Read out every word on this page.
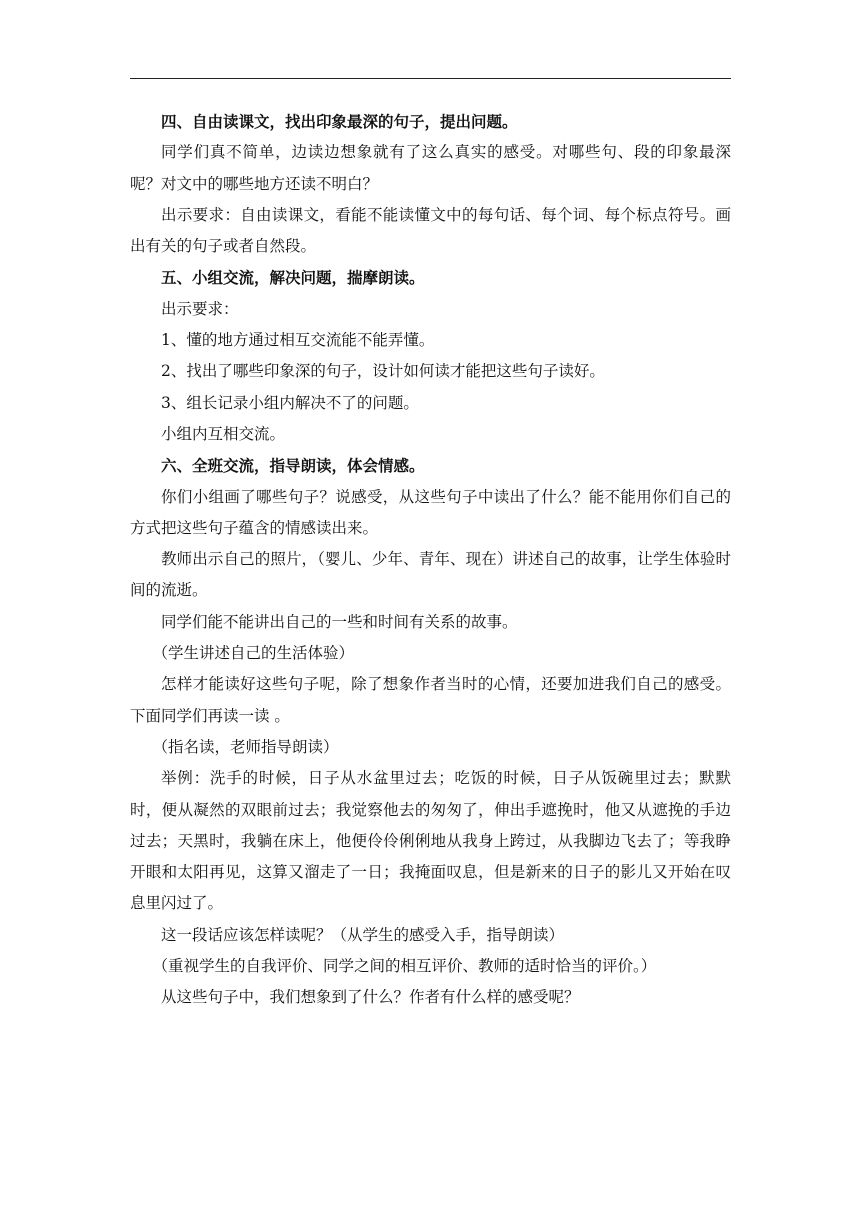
四、自由读课文，找出印象最深的句子，提出问题。

同学们真不简单，边读边想象就有了这么真实的感受。对哪些句、段的印象最深呢？对文中的哪些地方还读不明白？

出示要求：自由读课文，看能不能读懂文中的每句话、每个词、每个标点符号。画出有关的句子或者自然段。

五、小组交流，解决问题，揣摩朗读。

出示要求：

1、懂的地方通过相互交流能不能弄懂。

2、找出了哪些印象深的句子，设计如何读才能把这些句子读好。

3、组长记录小组内解决不了的问题。

小组内互相交流。

六、全班交流，指导朗读，体会情感。

你们小组画了哪些句子？说感受，从这些句子中读出了什么？能不能用你们自己的方式把这些句子蕴含的情感读出来。

教师出示自己的照片，（婴儿、少年、青年、现在）讲述自己的故事，让学生体验时间的流逝。

同学们能不能讲出自己的一些和时间有关系的故事。

（学生讲述自己的生活体验）

怎样才能读好这些句子呢，除了想象作者当时的心情，还要加进我们自己的感受。下面同学们再读一读 。

（指名读，老师指导朗读）

举例：洗手的时候，日子从水盆里过去；吃饭的时候，日子从饭碗里过去；默默时，便从凝然的双眼前过去；我觉察他去的匆匆了，伸出手遮挽时，他又从遮挽的手边过去；天黑时，我躺在床上，他便伶伶俐俐地从我身上跨过，从我脚边飞去了；等我睁开眼和太阳再见，这算又溜走了一日；我掩面叹息，但是新来的日子的影儿又开始在叹息里闪过了。

这一段话应该怎样读呢？（从学生的感受入手，指导朗读）

（重视学生的自我评价、同学之间的相互评价、教师的适时恰当的评价。）

从这些句子中，我们想象到了什么？作者有什么样的感受呢？
